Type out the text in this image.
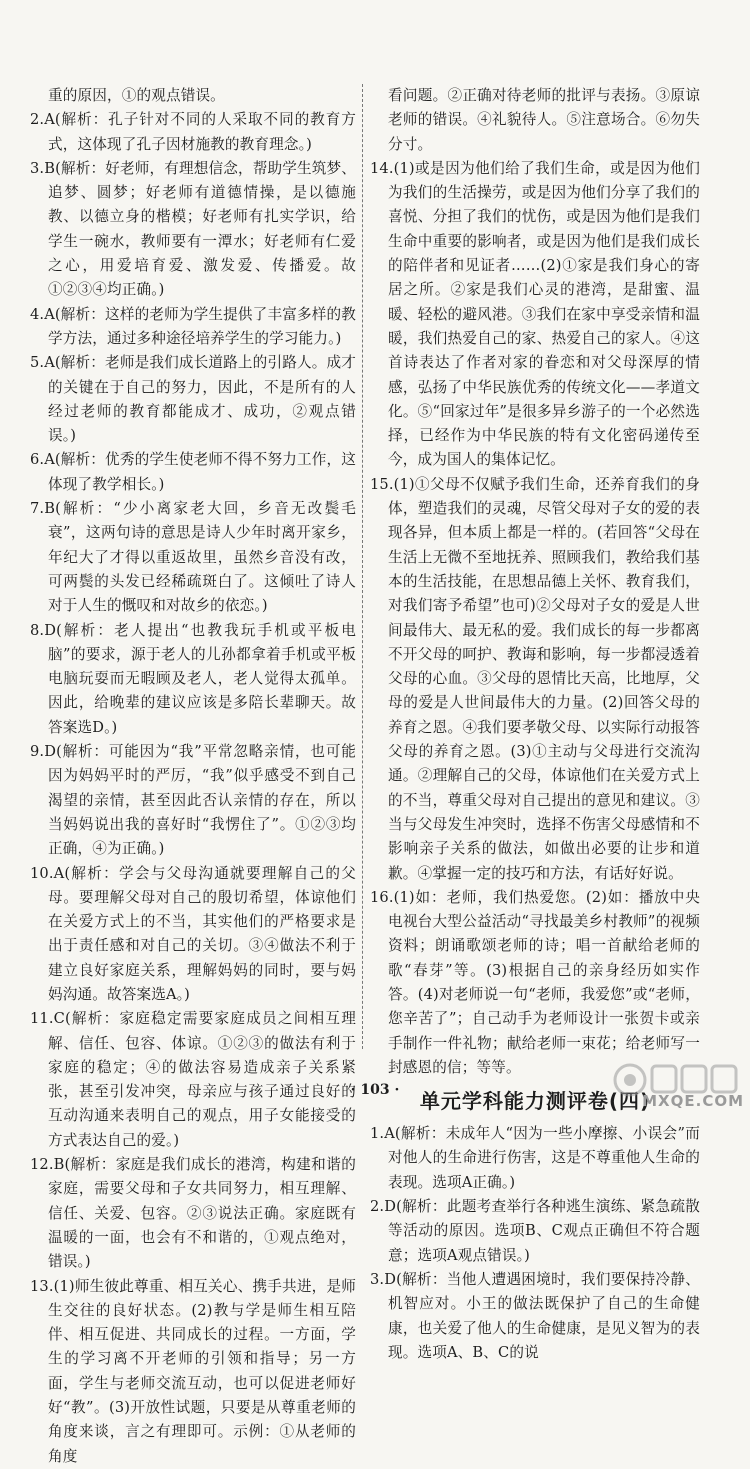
重的原因，①的观点错误。

2.A(解析：孔子针对不同的人采取不同的教育方式，这体现了孔子因材施教的教育理念。)

3.B(解析：好老师，有理想信念，帮助学生筑梦、追梦、圆梦；好老师有道德情操，是以德施教、以德立身的楷模；好老师有扎实学识，给学生一碗水，教师要有一潭水；好老师有仁爱之心，用爱培育爱、激发爱、传播爱。故①②③④均正确。)

4.A(解析：这样的老师为学生提供了丰富多样的教学方法，通过多种途径培养学生的学习能力。)

5.A(解析：老师是我们成长道路上的引路人。成才的关键在于自己的努力，因此，不是所有的人经过老师的教育都能成才、成功，②观点错误。)

6.A(解析：优秀的学生使老师不得不努力工作，这体现了教学相长。)

7.B(解析：“少小离家老大回，乡音无改鬓毛衰”，这两句诗的意思是诗人少年时离开家乡，年纪大了才得以重返故里，虽然乡音没有改，可两鬓的头发已经稀疏斑白了。这倾吐了诗人对于人生的慨叹和对故乡的依恋。)

8.D(解析：老人提出“也教我玩手机或平板电脑”的要求，源于老人的儿孙都拿着手机或平板电脑玩耍而无暇顾及老人，老人觉得太孤单。因此，给晚辈的建议应该是多陪长辈聊天。故答案选D。)

9.D(解析：可能因为“我”平常忽略亲情，也可能因为妈妈平时的严厉，“我”似乎感受不到自己渴望的亲情，甚至因此否认亲情的存在，所以当妈妈说出我的喜好时“我愣住了”。①②③均正确，④为正确。)

10.A(解析：学会与父母沟通就要理解自己的父母。要理解父母对自己的殷切希望，体谅他们在关爱方式上的不当，其实他们的严格要求是出于责任感和对自己的关切。③④做法不利于建立良好家庭关系，理解妈妈的同时，要与妈妈沟通。故答案选A。)

11.C(解析：家庭稳定需要家庭成员之间相互理解、信任、包容、体谅。①②③的做法有利于家庭的稳定；④的做法容易造成亲子关系紧张，甚至引发冲突，母亲应与孩子通过良好的互动沟通来表明自己的观点，用子女能接受的方式表达自己的爱。)

12.B(解析：家庭是我们成长的港湾，构建和谐的家庭，需要父母和子女共同努力，相互理解、信任、关爱、包容。②③说法正确。家庭既有温暖的一面，也会有不和谐的，①观点绝对，错误。)

13.(1)师生彼此尊重、相互关心、携手共进，是师生交往的良好状态。(2)教与学是师生相互陪伴、相互促进、共同成长的过程。一方面，学生的学习离不开老师的引领和指导；另一方面，学生与老师交流互动，也可以促进老师好好“教”。(3)开放性试题，只要是从尊重老师的角度来谈，言之有理即可。示例：①从老师的角度

看问题。②正确对待老师的批评与表扬。③原谅老师的错误。④礼貌待人。⑤注意场合。⑥勿失分寸。

14.(1)或是因为他们给了我们生命，或是因为他们为我们的生活操劳，或是因为他们分享了我们的喜悦、分担了我们的忧伤，或是因为他们是我们生命中重要的影响者，或是因为他们是我们成长的陪伴者和见证者……(2)①家是我们身心的寄居之所。②家是我们心灵的港湾，是甜蜜、温暖、轻松的避风港。③我们在家中享受亲情和温暖，我们热爱自己的家、热爱自己的家人。④这首诗表达了作者对家的眷恋和对父母深厚的情感，弘扬了中华民族优秀的传统文化——孝道文化。⑤“回家过年”是很多异乡游子的一个必然选择，已经作为中华民族的特有文化密码递传至今，成为国人的集体记忆。

15.(1)①父母不仅赋予我们生命，还养育我们的身体，塑造我们的灵魂，尽管父母对子女的爱的表现各异，但本质上都是一样的。(若回答“父母在生活上无微不至地抚养、照顾我们，教给我们基本的生活技能，在思想品德上关怀、教育我们，对我们寄予希望”也可)②父母对子女的爱是人世间最伟大、最无私的爱。我们成长的每一步都离不开父母的呵护、教诲和影响，每一步都浸透着父母的心血。③父母的恩情比天高，比地厚，父母的爱是人世间最伟大的力量。(2)回答父母的养育之恩。④我们要孝敬父母、以实际行动报答父母的养育之恩。(3)①主动与父母进行交流沟通。②理解自己的父母，体谅他们在关爱方式上的不当，尊重父母对自己提出的意见和建议。③当与父母发生冲突时，选择不伤害父母感情和不影响亲子关系的做法，如做出必要的让步和道歉。④掌握一定的技巧和方法，有话好好说。

16.(1)如：老师，我们热爱您。(2)如：播放中央电视台大型公益活动“寻找最美乡村教师”的视频资料；朗诵歌颂老师的诗；唱一首献给老师的歌“春芽”等。(3)根据自己的亲身经历如实作答。(4)对老师说一句“老师，我爱您”或“老师，您辛苦了”；自己动手为老师设计一张贺卡或亲手制作一件礼物；献给老师一束花；给老师写一封感恩的信；等等。

单元学科能力测评卷(四)

1.A(解析：未成年人“因为一些小摩擦、小误会”而对他人的生命进行伤害，这是不尊重他人生命的表现。选项A正确。)

2.D(解析：此题考查举行各种逃生演练、紧急疏散等活动的原因。选项B、C观点正确但不符合题意；选项A观点错误。)

3.D(解析：当他人遭遇困境时，我们要保持冷静、机智应对。小王的做法既保护了自己的生命健康，也关爱了他人的生命健康，是见义智为的表现。选项A、B、C的说

· 103 ·
MXQE.COM
